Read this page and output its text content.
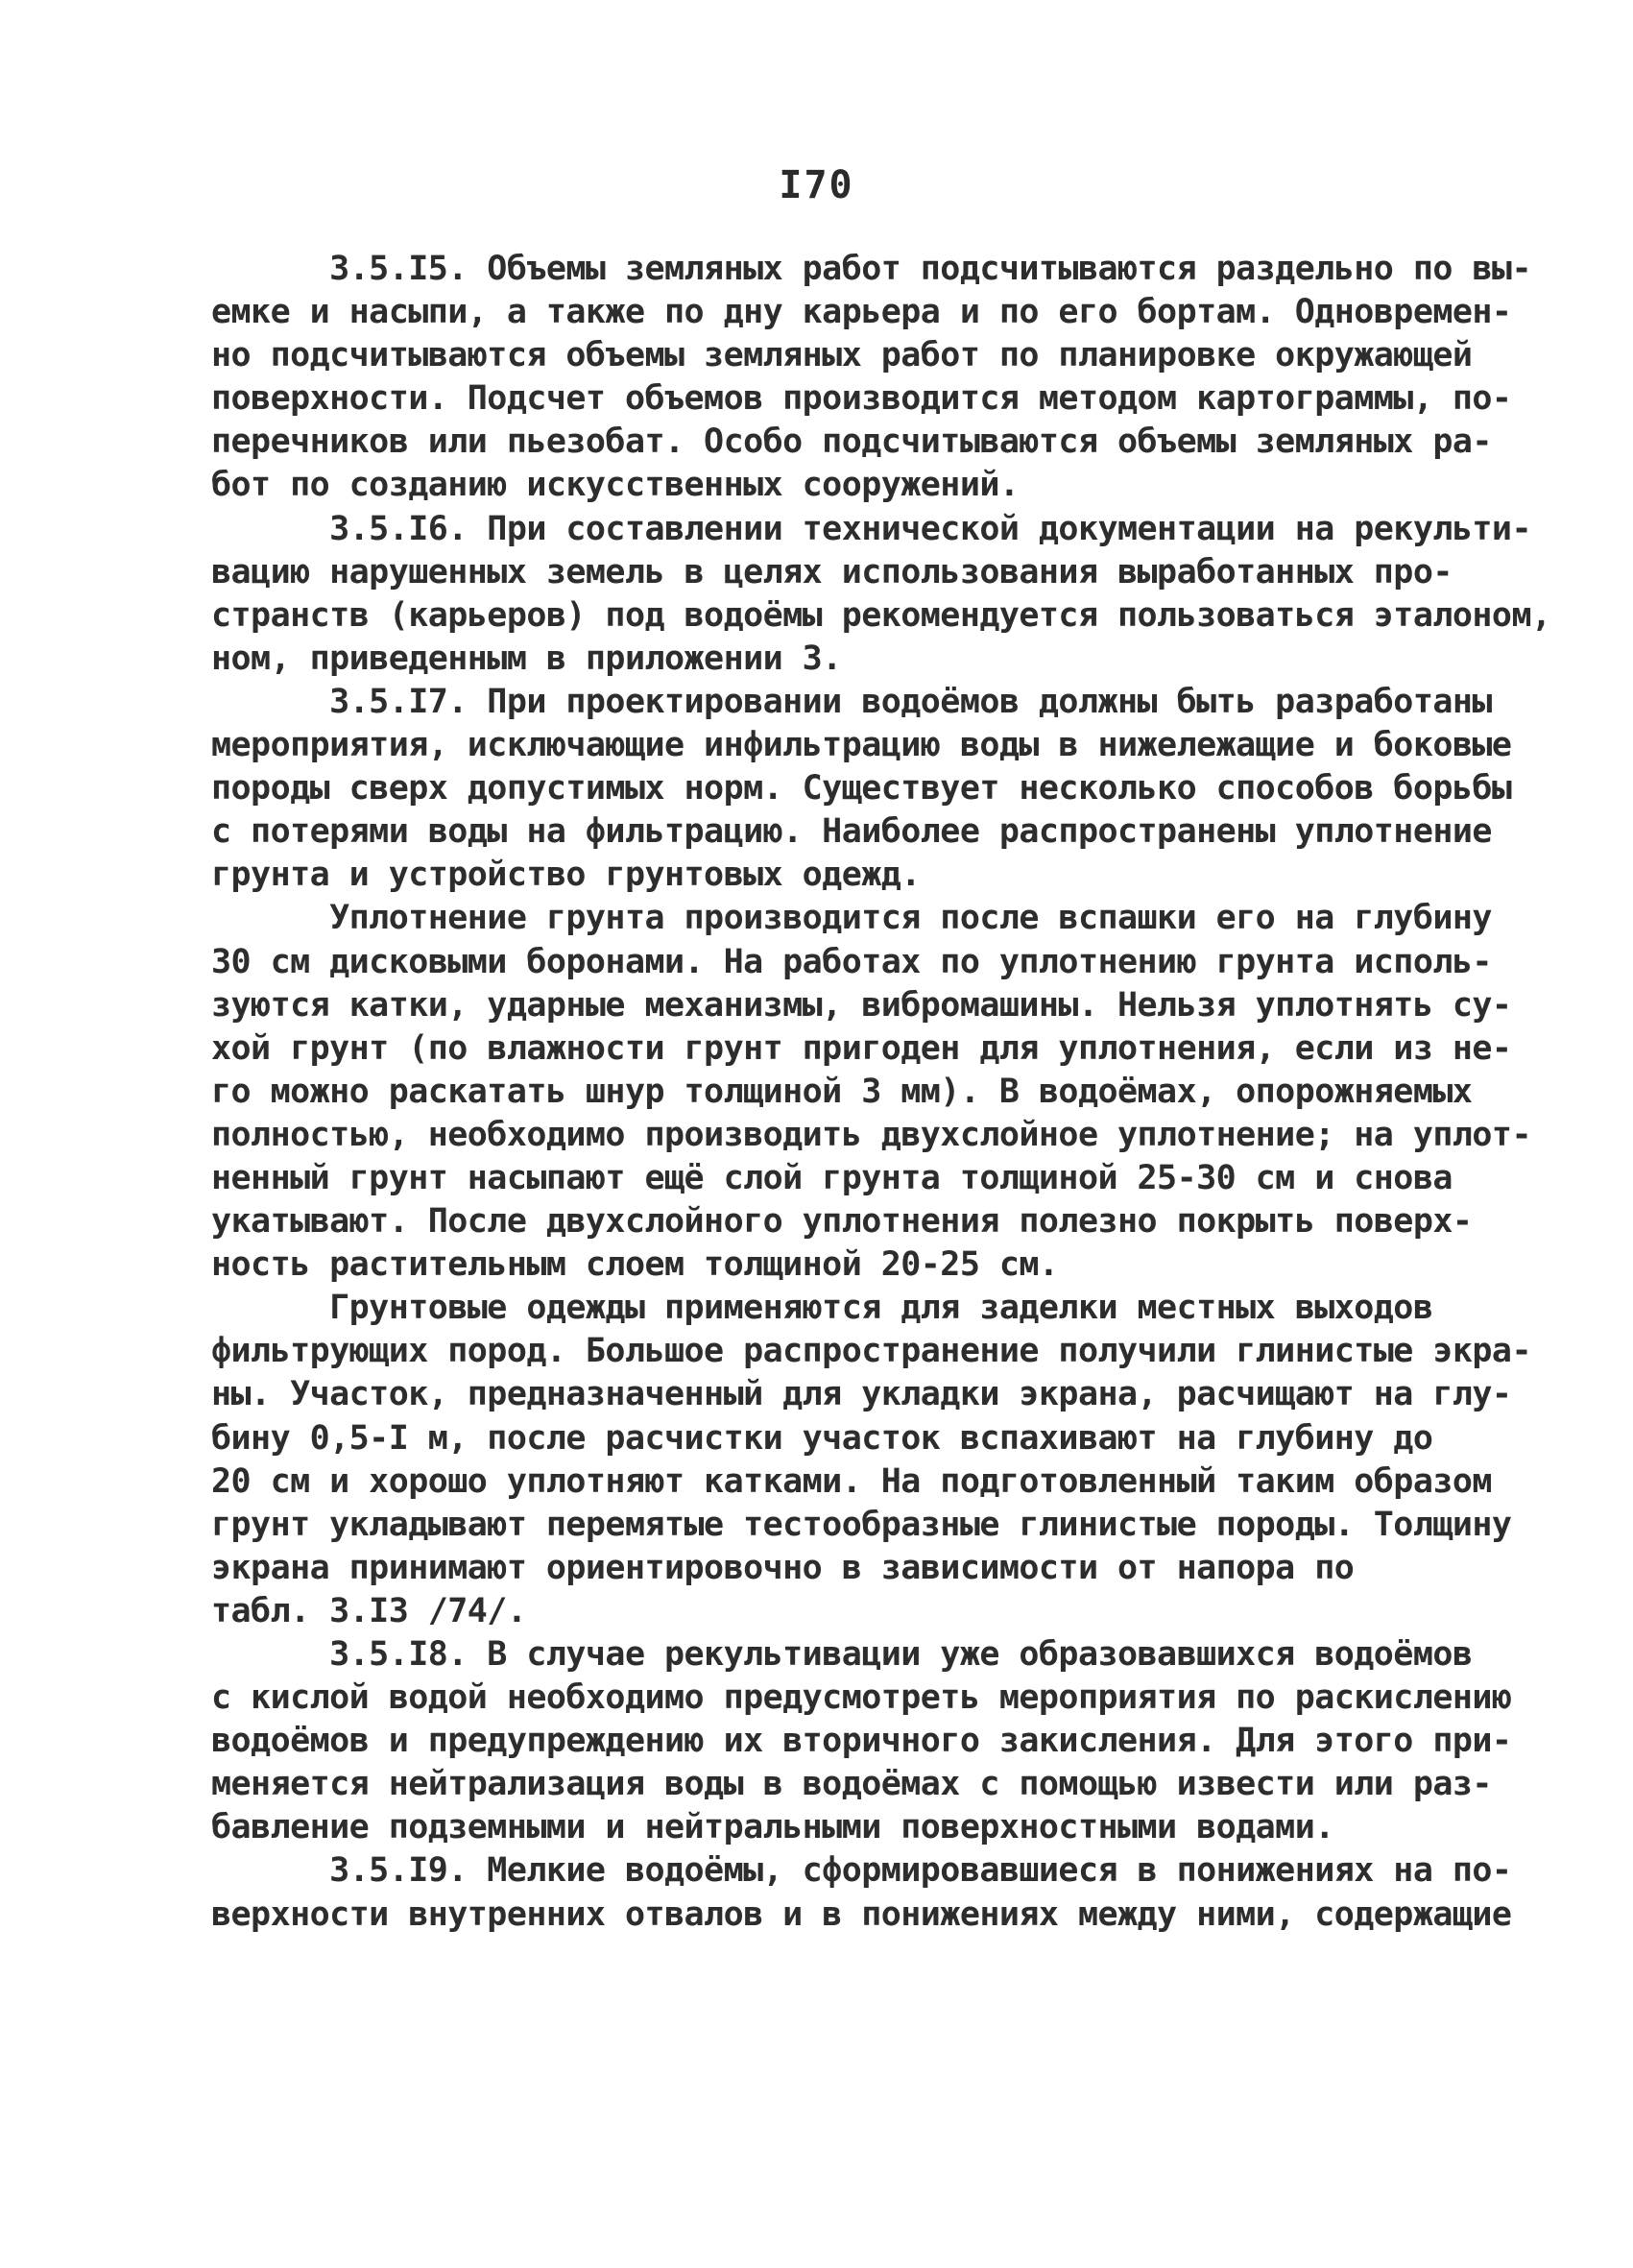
I70
3.5.I5. Объемы земляных работ подсчитываются раздельно по вы-
емке и насыпи, а также по дну карьера и по его бортам. Одновремен-
но подсчитываются объемы земляных работ по планировке окружающей
поверхности. Подсчет объемов производится методом картограммы, по-
перечников или пьезобат. Особо подсчитываются объемы земляных ра-
бот по созданию искусственных сооружений.
3.5.I6. При составлении технической документации на рекульти-
вацию нарушенных земель в целях использования выработанных про-
странств (карьеров) под водоёмы рекомендуется пользоваться эталоном,
ном, приведенным в приложении 3.
3.5.I7. При проектировании водоёмов должны быть разработаны
мероприятия, исключающие инфильтрацию воды в нижележащие и боковые
породы сверх допустимых норм. Существует несколько способов борьбы
с потерями воды на фильтрацию. Наиболее распространены уплотнение
грунта и устройство грунтовых одежд.
Уплотнение грунта производится после вспашки его на глубину
30 см дисковыми боронами. На работах по уплотнению грунта исполь-
зуются катки, ударные механизмы, вибромашины. Нельзя уплотнять су-
хой грунт (по влажности грунт пригоден для уплотнения, если из не-
го можно раскатать шнур толщиной 3 мм). В водоёмах, опорожняемых
полностью, необходимо производить двухслойное уплотнение; на уплот-
ненный грунт насыпают ещё слой грунта толщиной 25-30 см и снова
укатывают. После двухслойного уплотнения полезно покрыть поверх-
ность растительным слоем толщиной 20-25 см.
Грунтовые одежды применяются для заделки местных выходов
фильтрующих пород. Большое распространение получили глинистые экра-
ны. Участок, предназначенный для укладки экрана, расчищают на глу-
бину 0,5-I м, после расчистки участок вспахивают на глубину до
20 см и хорошо уплотняют катками. На подготовленный таким образом
грунт укладывают перемятые тестообразные глинистые породы. Толщину
экрана принимают ориентировочно в зависимости от напора по
табл. 3.I3 /74/.
3.5.I8. В случае рекультивации уже образовавшихся водоёмов
с кислой водой необходимо предусмотреть мероприятия по раскислению
водоёмов и предупреждению их вторичного закисления. Для этого при-
меняется нейтрализация воды в водоёмах с помощью извести или раз-
бавление подземными и нейтральными поверхностными водами.
3.5.I9. Мелкие водоёмы, сформировавшиеся в понижениях на по-
верхности внутренних отвалов и в понижениях между ними, содержащие
